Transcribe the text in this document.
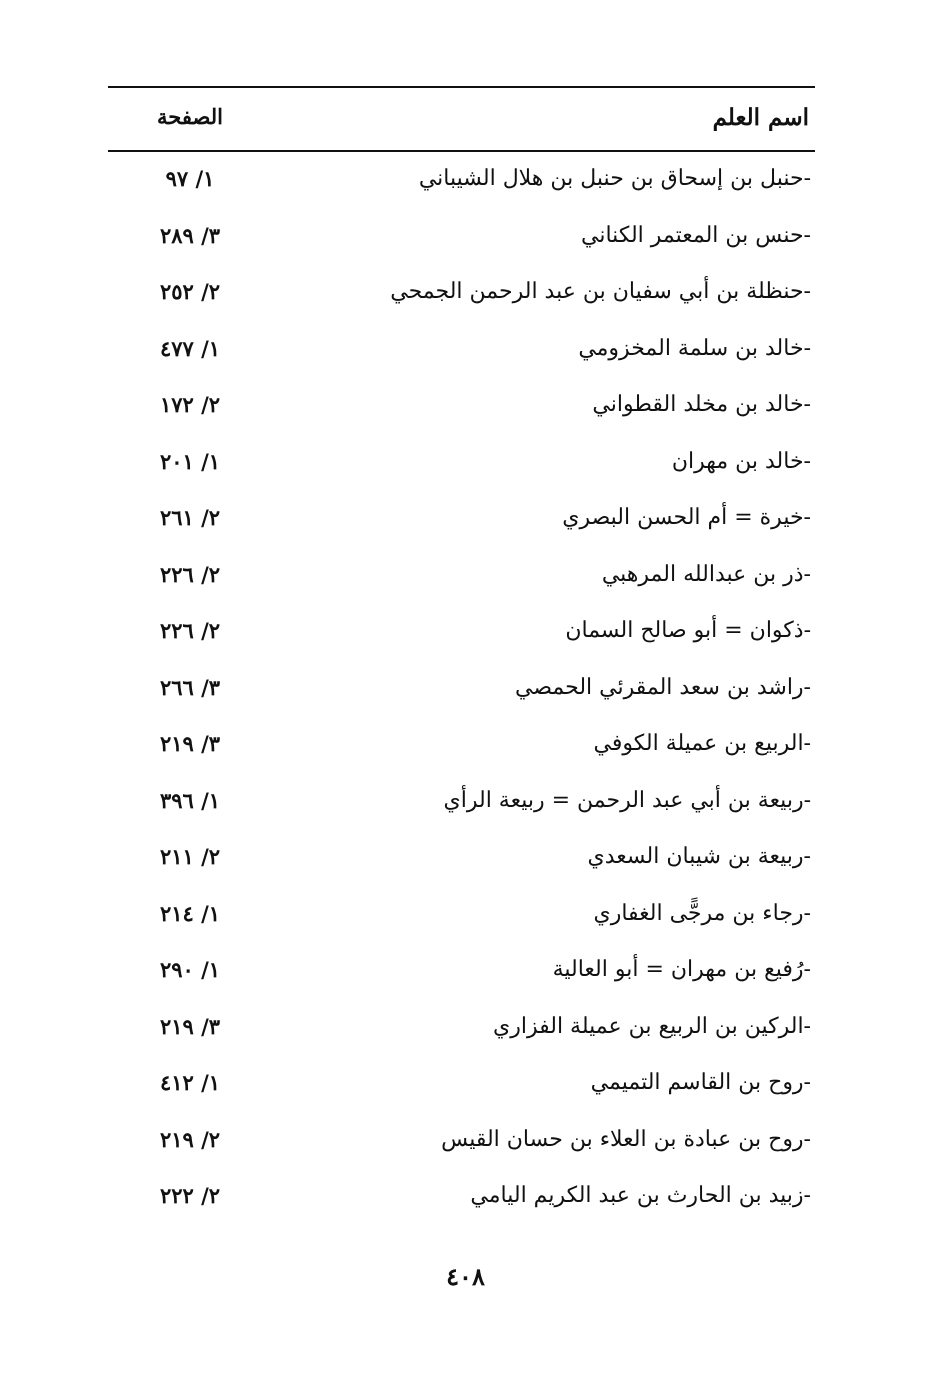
اسم العلم
الصفحة
-حنبل بن إسحاق بن حنبل بن هلال الشيباني
١/ ٩٧
-حنس بن المعتمر الكناني
٣/ ٢٨٩
-حنظلة بن أبي سفيان بن عبد الرحمن الجمحي
٢/ ٢٥٢
-خالد بن سلمة المخزومي
١/ ٤٧٧
-خالد بن مخلد القطواني
٢/ ١٧٢
-خالد بن مهران
١/ ٢٠١
-خيرة = أم الحسن البصري
٢/ ٢٦١
-ذر بن عبدالله المرهبي
٢/ ٢٢٦
-ذكوان = أبو صالح السمان
٢/ ٢٢٦
-راشد بن سعد المقرئي الحمصي
٣/ ٢٦٦
-الربيع بن عميلة الكوفي
٣/ ٢١٩
-ربيعة بن أبي عبد الرحمن = ربيعة الرأي
١/ ٣٩٦
-ربيعة بن شيبان السعدي
٢/ ٢١١
-رجاء بن مرجًّى الغفاري
١/ ٢١٤
-رُفيع بن مهران = أبو العالية
١/ ٢٩٠
-الركين بن الربيع بن عميلة الفزاري
٣/ ٢١٩
-روح بن القاسم التميمي
١/ ٤١٢
-روح بن عبادة بن العلاء بن حسان القيس
٢/ ٢١٩
-زبيد بن الحارث بن عبد الكريم اليامي
٢/ ٢٢٢
٤٠٨
